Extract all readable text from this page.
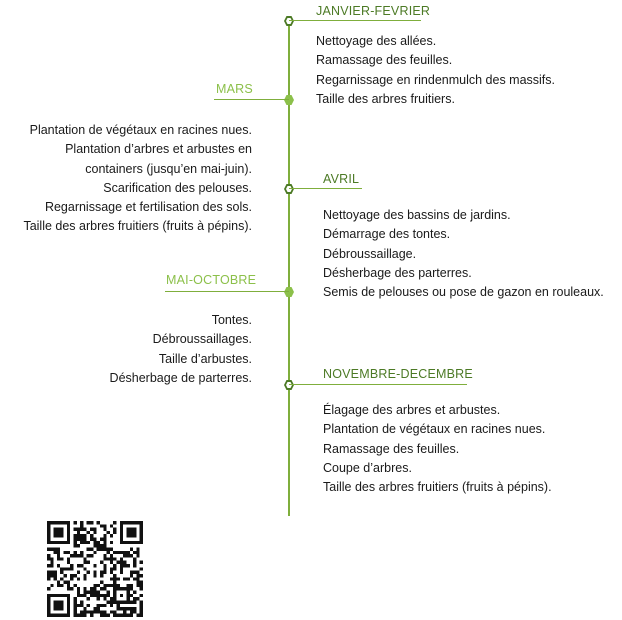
JANVIER-FEVRIER
Nettoyage des allées.
Ramassage des feuilles.
Regarnissage en rindenmulch des massifs.
Taille des arbres fruitiers.
MARS
Plantation de végétaux en racines nues.
Plantation d’arbres et arbustes en containers (jusqu’en mai-juin).
Scarification des pelouses.
Regarnissage et fertilisation des sols.
Taille des arbres fruitiers (fruits à pépins).
AVRIL
Nettoyage des bassins de jardins.
Démarrage des tontes.
Débroussaillage.
Désherbage des parterres.
Semis de pelouses ou pose de gazon en rouleaux.
MAI-OCTOBRE
Tontes.
Débroussaillages.
Taille d’arbustes.
Désherbage de parterres.	NOVEMBRE-DECEMBRE
Élagage des arbres et arbustes.
Plantation de végétaux en racines nues.
Ramassage des feuilles.
Coupe d’arbres.
Taille des arbres fruitiers (fruits à pépins).
